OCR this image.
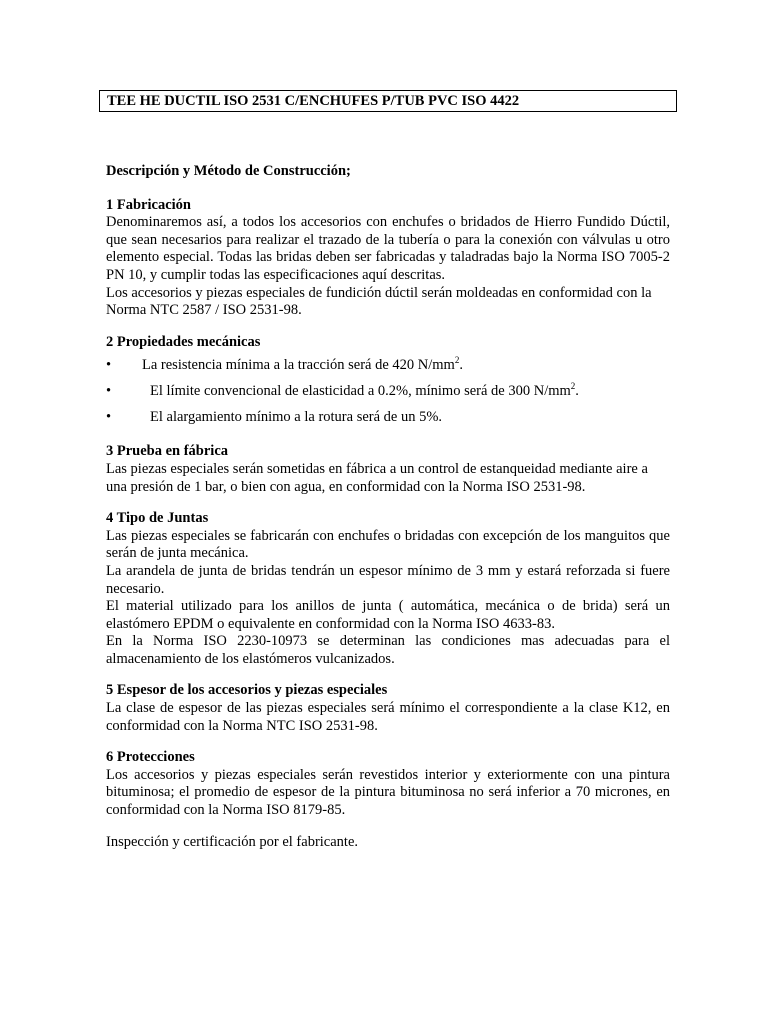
TEE HE DUCTIL ISO 2531 C/ENCHUFES P/TUB PVC ISO 4422

Descripción y Método de Construcción;

1 Fabricación

Denominaremos así, a todos los accesorios con enchufes o bridados de Hierro Fundido Dúctil, que sean necesarios para realizar el trazado de la tubería o para la conexión con válvulas u otro elemento especial. Todas las bridas deben ser fabricadas y taladradas bajo la Norma ISO 7005-2 PN 10, y cumplir todas las especificaciones aquí descritas.

Los accesorios y piezas especiales de fundición dúctil serán moldeadas en conformidad con la Norma NTC 2587 / ISO 2531-98.

2 Propiedades mecánicas

• La resistencia mínima a la tracción será de 420 $N/mm^2$.
•	El límite convencional de elasticidad a 0.2%, mínimo será de 300 $N/mm^2$.
•	El alargamiento mínimo a la rotura será de un 5%.

3 Prueba en fábrica

Las piezas especiales serán sometidas en fábrica a un control de estanqueidad mediante aire a una presión de 1 bar, o bien con agua, en conformidad con la Norma ISO 2531-98.

4 Tipo de Juntas

Las piezas especiales se fabricarán con enchufes o bridadas con excepción de los manguitos que serán de junta mecánica.

La arandela de junta de bridas tendrán un espesor mínimo de 3 mm y estará reforzada si fuere necesario.

El material utilizado para los anillos de junta ( automática, mecánica o de brida) será un elastómero EPDM o equivalente en conformidad con la Norma ISO 4633-83.

En la Norma ISO 2230-10973 se determinan las condiciones mas adecuadas para el almacenamiento de los elastómeros vulcanizados.

5 Espesor de los accesorios y piezas especiales

La clase de espesor de las piezas especiales será mínimo el correspondiente a la clase K12, en conformidad con la Norma NTC ISO 2531-98.

6 Protecciones

Los accesorios y piezas especiales serán revestidos interior y exteriormente con una pintura bituminosa; el promedio de espesor de la pintura bituminosa no será inferior a 70 micrones, en conformidad con la Norma ISO 8179-85.

Inspección y certificación por el fabricante.
